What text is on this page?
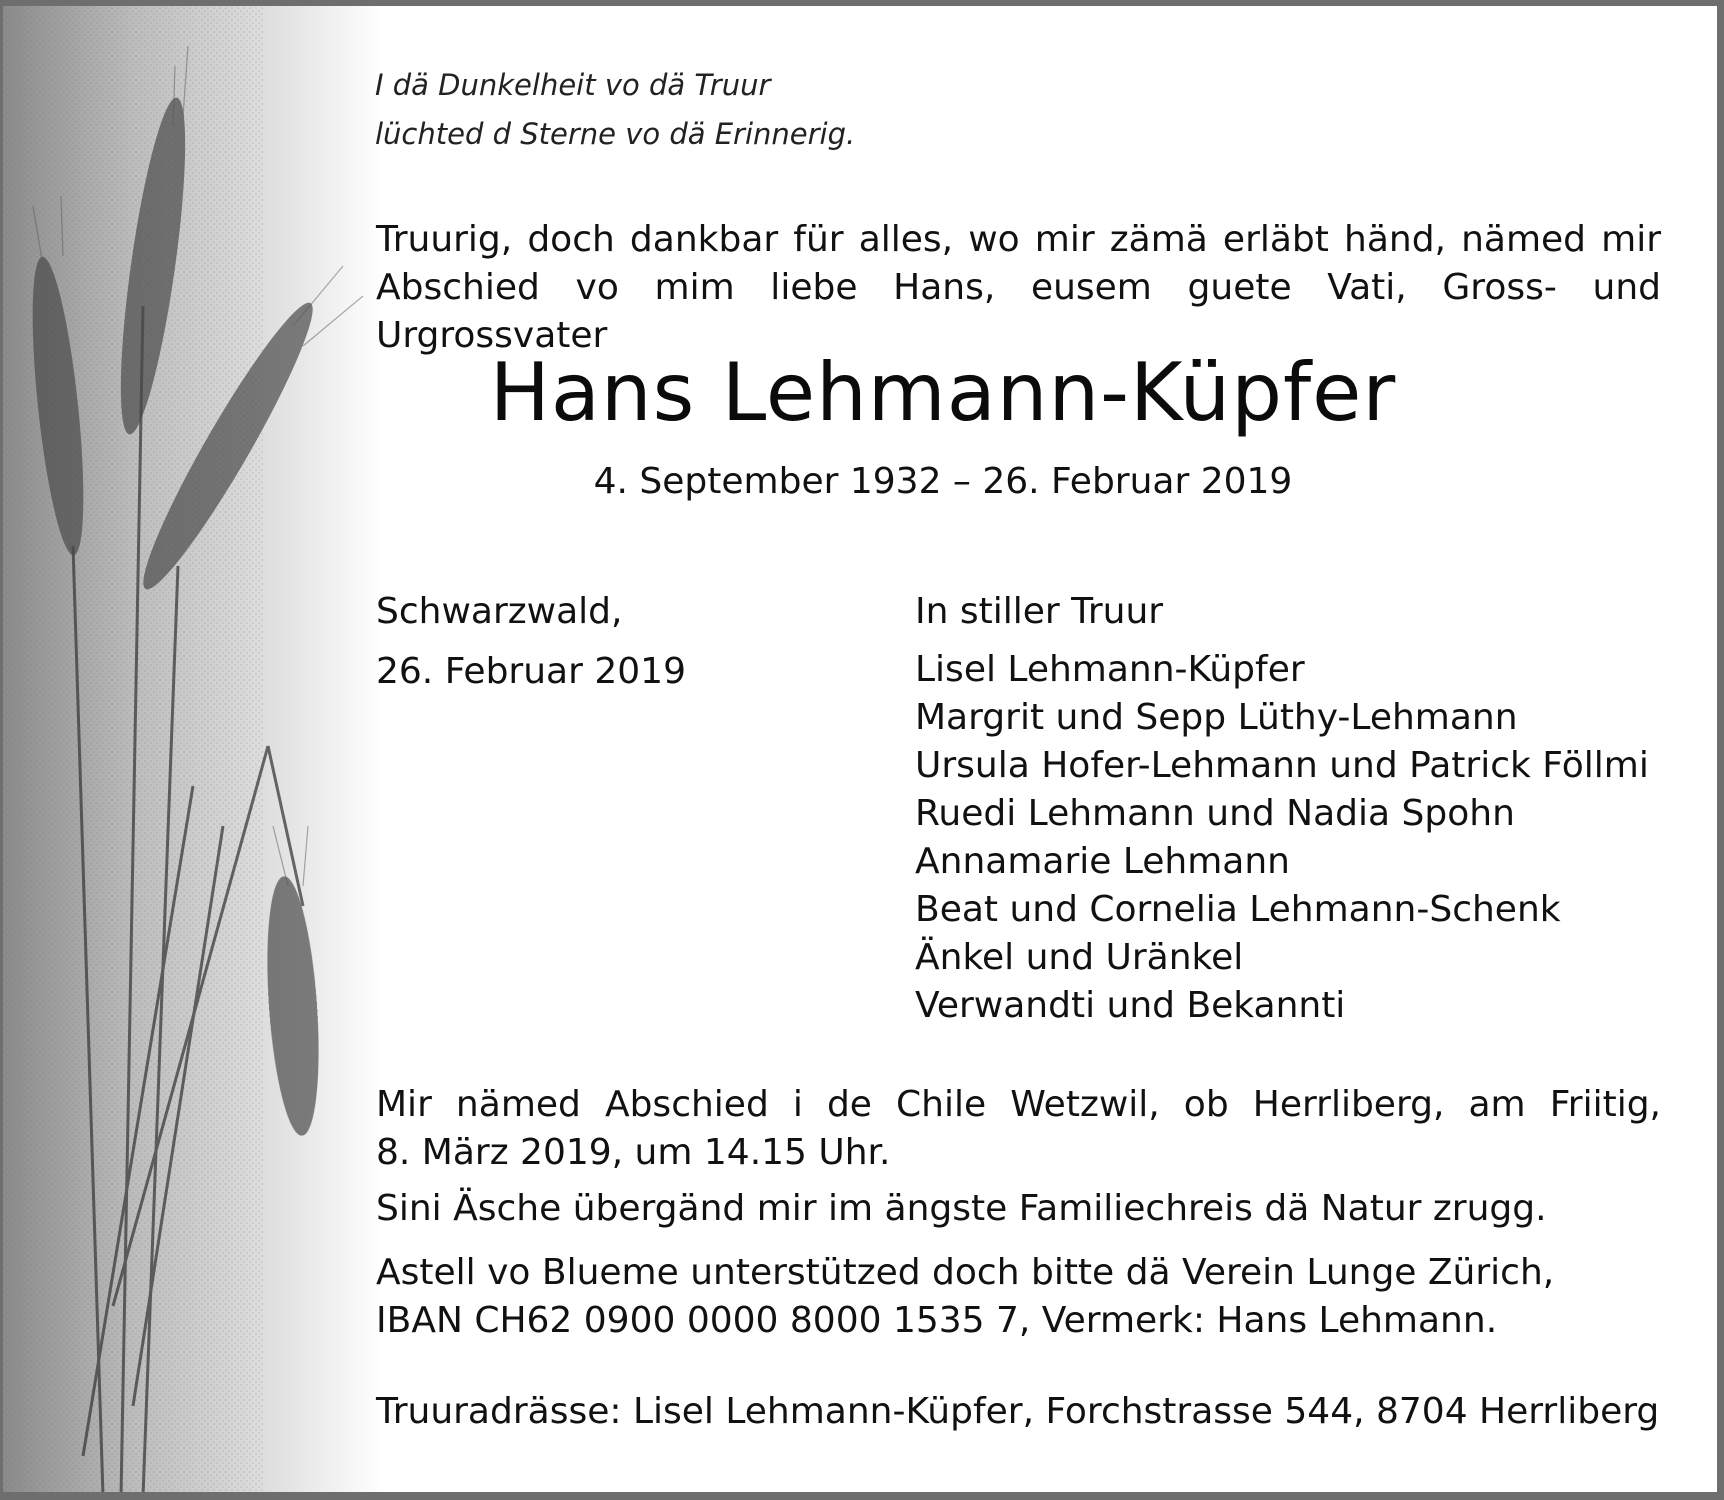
I dä Dunkelheit vo dä Truur
lüchted d Sterne vo dä Erinnerig.
Truurig, doch dankbar für alles, wo mir zämä erläbt händ, nämed mir
Abschied vo mim liebe Hans, eusem guete Vati, Gross- und Urgrossvater
Hans Lehmann-Küpfer
4. September 1932 – 26. Februar 2019
Schwarzwald,
26. Februar 2019
In stiller Truur
Lisel Lehmann-Küpfer
Margrit und Sepp Lüthy-Lehmann
Ursula Hofer-Lehmann und Patrick Föllmi
Ruedi Lehmann und Nadia Spohn
Annamarie Lehmann
Beat und Cornelia Lehmann-Schenk
Änkel und Uränkel
Verwandti und Bekannti
Mir nämed Abschied i de Chile Wetzwil, ob Herrliberg, am Friitig,
8. März 2019, um 14.15 Uhr.
Sini Äsche übergänd mir im ängste Familiechreis dä Natur zrugg.
Astell vo Blueme unterstützed doch bitte dä Verein Lunge Zürich,
IBAN CH62 0900 0000 8000 1535 7, Vermerk: Hans Lehmann.
Truuradrässe: Lisel Lehmann-Küpfer, Forchstrasse 544, 8704 Herrliberg
